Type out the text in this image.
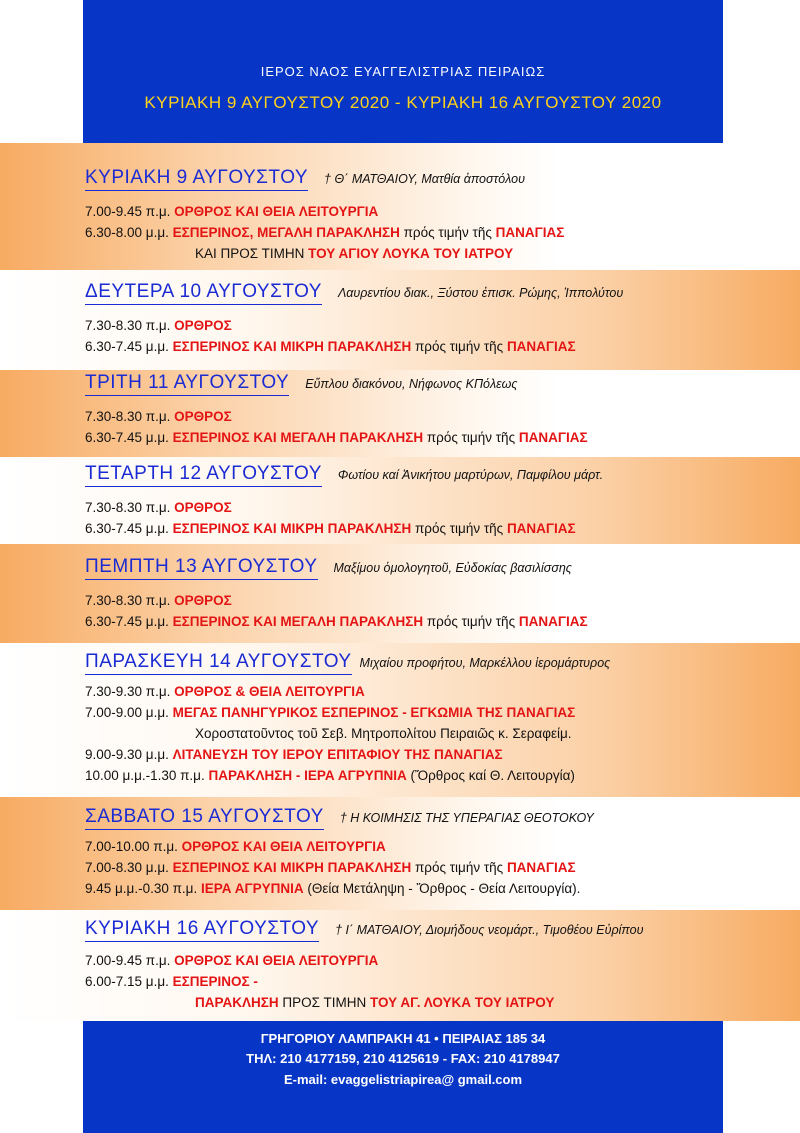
ΙΕΡΟΣ ΝΑΟΣ ΕΥΑΓΓΕΛΙΣΤΡΙΑΣ ΠΕΙΡΑΙΩΣ
ΚΥΡΙΑΚΗ 9 ΑΥΓΟΥΣΤΟΥ 2020 - ΚΥΡΙΑΚΗ 16 ΑΥΓΟΥΣΤΟΥ 2020
ΚΥΡΙΑΚΗ 9 ΑΥΓΟΥΣΤΟΥ † Θ΄ ΜΑΤΘΑΙΟΥ, Ματθία ἀποστόλου
7.00-9.45 π.μ. ΟΡΘΡΟΣ ΚΑΙ ΘΕΙΑ ΛΕΙΤΟΥΡΓΙΑ
6.30-8.00 μ.μ. ΕΣΠΕΡΙΝΟΣ, ΜΕΓΑΛΗ ΠΑΡΑΚΛΗΣΗ πρός τιμήν τῆς ΠΑΝΑΓΙΑΣ
ΚΑΙ ΠΡΟΣ ΤΙΜΗΝ ΤΟΥ ΑΓΙΟΥ ΛΟΥΚΑ ΤΟΥ ΙΑΤΡΟΥ
ΔΕΥΤΕΡΑ 10 ΑΥΓΟΥΣΤΟΥ Λαυρεντίου διακ., Ξύστου ἐπισκ. Ρώμης, Ἱππολύτου
7.30-8.30 π.μ. ΟΡΘΡΟΣ
6.30-7.45 μ.μ. ΕΣΠΕΡΙΝΟΣ ΚΑΙ ΜΙΚΡΗ ΠΑΡΑΚΛΗΣΗ πρός τιμήν τῆς ΠΑΝΑΓΙΑΣ
ΤΡΙΤΗ 11 ΑΥΓΟΥΣΤΟΥ Εὔπλου διακόνου, Νήφωνος ΚΠόλεως
7.30-8.30 π.μ. ΟΡΘΡΟΣ
6.30-7.45 μ.μ. ΕΣΠΕΡΙΝΟΣ ΚΑΙ ΜΕΓΑΛΗ ΠΑΡΑΚΛΗΣΗ πρός τιμήν τῆς ΠΑΝΑΓΙΑΣ
ΤΕΤΑΡΤΗ 12 ΑΥΓΟΥΣΤΟΥ Φωτίου καί Ἀνικήτου μαρτύρων, Παμφίλου μάρτ.
7.30-8.30 π.μ. ΟΡΘΡΟΣ
6.30-7.45 μ.μ. ΕΣΠΕΡΙΝΟΣ ΚΑΙ ΜΙΚΡΗ ΠΑΡΑΚΛΗΣΗ πρός τιμήν τῆς ΠΑΝΑΓΙΑΣ
ΠΕΜΠΤΗ 13 ΑΥΓΟΥΣΤΟΥ Μαξίμου ὁμολογητοῦ, Εὐδοκίας βασιλίσσης
7.30-8.30 π.μ. ΟΡΘΡΟΣ
6.30-7.45 μ.μ. ΕΣΠΕΡΙΝΟΣ ΚΑΙ ΜΕΓΑΛΗ ΠΑΡΑΚΛΗΣΗ πρός τιμήν τῆς ΠΑΝΑΓΙΑΣ
ΠΑΡΑΣΚΕΥΗ 14 ΑΥΓΟΥΣΤΟΥ Μιχαίου προφήτου, Μαρκέλλου ἱερομάρτυρος
7.30-9.30 π.μ. ΟΡΘΡΟΣ & ΘΕΙΑ ΛΕΙΤΟΥΡΓΙΑ
7.00-9.00 μ.μ. ΜΕΓΑΣ ΠΑΝΗΓΥΡΙΚΟΣ ΕΣΠΕΡΙΝΟΣ - ΕΓΚΩΜΙΑ ΤΗΣ ΠΑΝΑΓΙΑΣ
Χοροστατοῦντος τοῦ Σεβ. Μητροπολίτου Πειραιῶς κ. Σεραφείμ.
9.00-9.30 μ.μ. ΛΙΤΑΝΕΥΣΗ ΤΟΥ ΙΕΡΟΥ ΕΠΙΤΑΦΙΟΥ ΤΗΣ ΠΑΝΑΓΙΑΣ
10.00 μ.μ.-1.30 π.μ. ΠΑΡΑΚΛΗΣΗ - ΙΕΡΑ ΑΓΡΥΠΝΙΑ (Ὄρθρος καί Θ. Λειτουργία)
ΣΑΒΒΑΤΟ 15 ΑΥΓΟΥΣΤΟΥ † Η ΚΟΙΜΗΣΙΣ ΤΗΣ ΥΠΕΡΑΓΙΑΣ ΘΕΟΤΟΚΟΥ
7.00-10.00 π.μ. ΟΡΘΡΟΣ ΚΑΙ ΘΕΙΑ ΛΕΙΤΟΥΡΓΙΑ
7.00-8.30 μ.μ. ΕΣΠΕΡΙΝΟΣ ΚΑΙ ΜΙΚΡΗ ΠΑΡΑΚΛΗΣΗ πρός τιμήν τῆς ΠΑΝΑΓΙΑΣ
9.45 μ.μ.-0.30 π.μ. ΙΕΡΑ ΑΓΡΥΠΝΙΑ (Θεία Μετάληψη - Ὄρθρος - Θεία Λειτουργία).
ΚΥΡΙΑΚΗ 16 ΑΥΓΟΥΣΤΟΥ † Ι΄ ΜΑΤΘΑΙΟΥ, Διομήδους νεομάρτ., Τιμοθέου Εὐρίπου
7.00-9.45 π.μ. ΟΡΘΡΟΣ ΚΑΙ ΘΕΙΑ ΛΕΙΤΟΥΡΓΙΑ
6.00-7.15 μ.μ. ΕΣΠΕΡΙΝΟΣ -
ΠΑΡΑΚΛΗΣΗ ΠΡΟΣ ΤΙΜΗΝ ΤΟΥ ΑΓ. ΛΟΥΚΑ ΤΟΥ ΙΑΤΡΟΥ
ΓΡΗΓΟΡΙΟΥ ΛΑΜΠΡΑΚΗ 41 • ΠΕΙΡΑΙΑΣ 185 34
ΤΗΛ: 210 4177159, 210 4125619 - FAX: 210 4178947
E-mail: evaggelistriapirea@ gmail.com
